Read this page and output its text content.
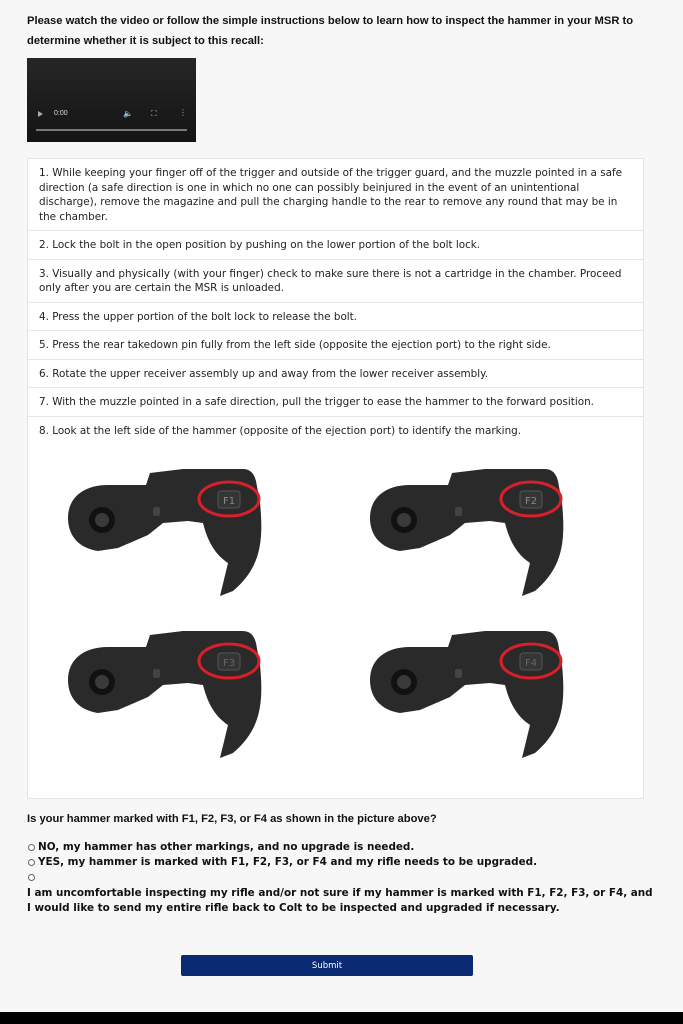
Please watch the video or follow the simple instructions below to learn how to inspect the hammer in your MSR to determine whether it is subject to this recall:
0:00	🔈 ⛶	⋮
1. While keeping your finger off of the trigger and outside of the trigger guard, and the muzzle pointed in a safe direction (a safe direction is one in which no one can possibly beinjured in the event of an unintentional discharge), remove the magazine and pull the charging handle to the rear to remove any round that may be in the chamber.
2. Lock the bolt in the open position by pushing on the lower portion of the bolt lock.
3. Visually and physically (with your finger) check to make sure there is not a cartridge in the chamber. Proceed only after you are certain the MSR is unloaded.
4. Press the upper portion of the bolt lock to release the bolt.
5. Press the rear takedown pin fully from the left side (opposite the ejection port) to the right side.
6. Rotate the upper receiver assembly up and away from the lower receiver assembly.
7. With the muzzle pointed in a safe direction, pull the trigger to ease the hammer to the forward position.
8. Look at the left side of the hammer (opposite of the ejection port) to identify the marking.
F1	F2
F3	F4
Is your hammer marked with F1, F2, F3, or F4 as shown in the picture above?
NO, my hammer has other markings, and no upgrade is needed.
YES, my hammer is marked with F1, F2, F3, or F4 and my rifle needs to be upgraded.
I am uncomfortable inspecting my rifle and/or not sure if my hammer is marked with F1, F2, F3, or F4, and I would like to send my entire rifle back to Colt to be inspected and upgraded if necessary.
Submit
